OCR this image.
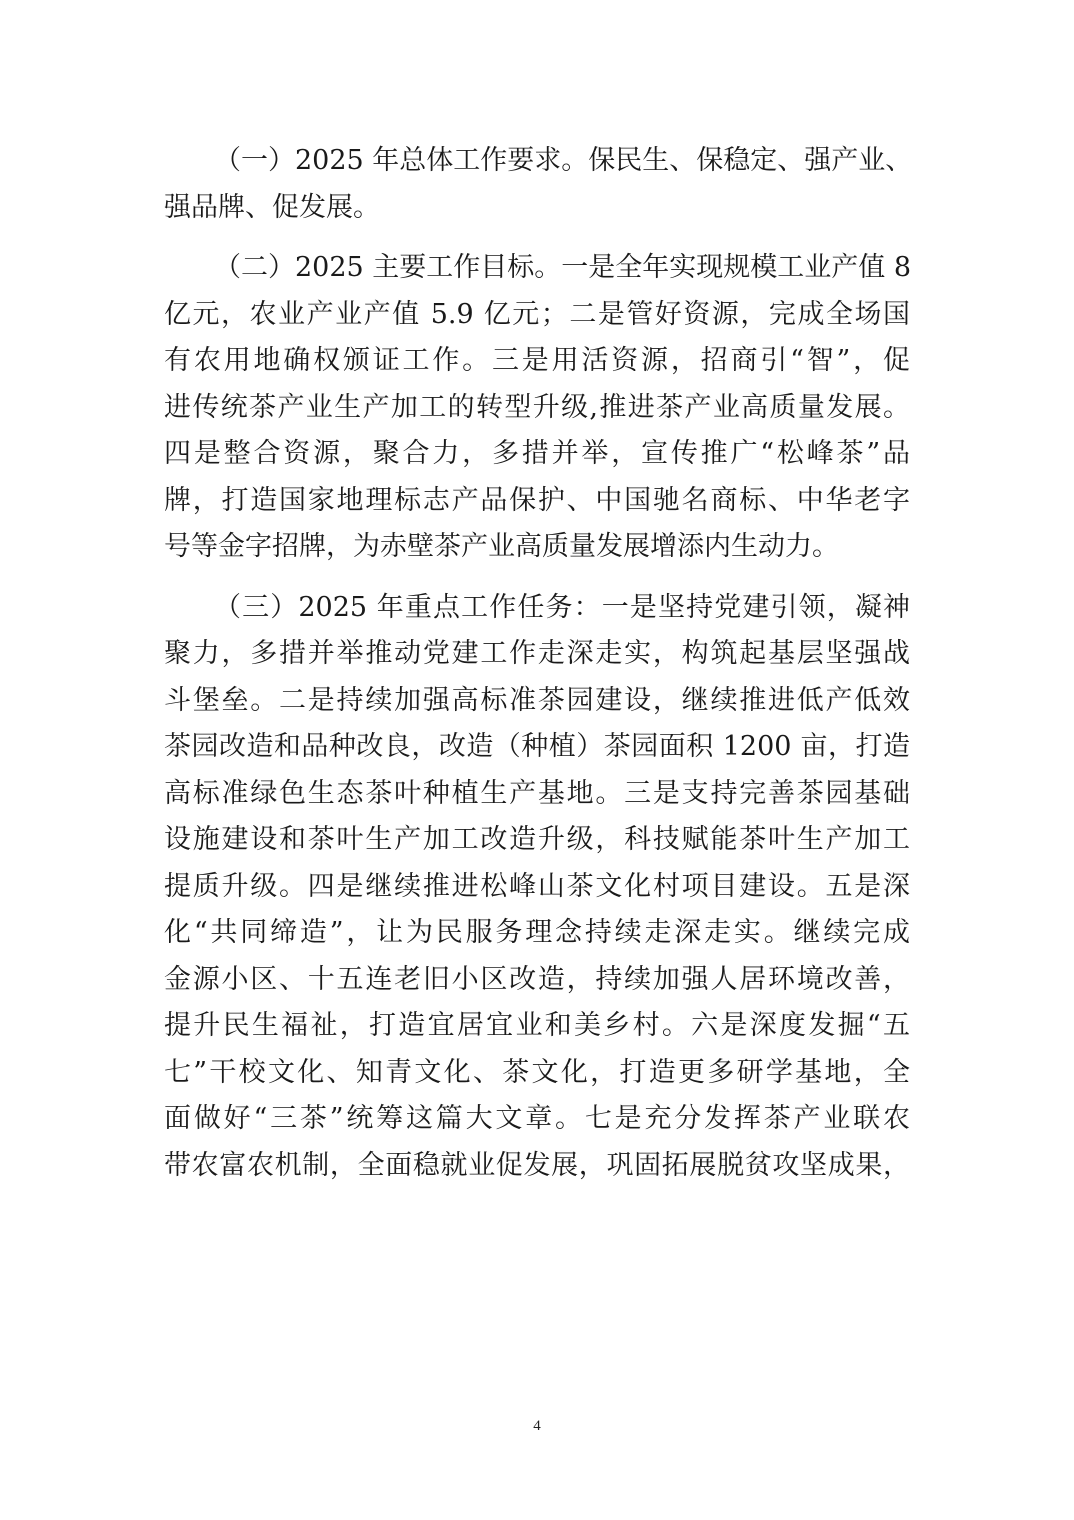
（一）2025 年总体工作要求。保民生、保稳定、强产业、
强品牌、促发展。
（二）2025 主要工作目标。一是全年实现规模工业产值 8
亿元，农业产业产值 5.9 亿元；二是管好资源，完成全场国
有农用地确权颁证工作。三是用活资源，招商引“智”，促
进传统茶产业生产加工的转型升级,推进茶产业高质量发展。
四是整合资源，聚合力，多措并举，宣传推广“松峰茶”品
牌，打造国家地理标志产品保护、中国驰名商标、中华老字
号等金字招牌，为赤壁茶产业高质量发展增添内生动力。
（三）2025 年重点工作任务：一是坚持党建引领，凝神
聚力，多措并举推动党建工作走深走实，构筑起基层坚强战
斗堡垒。二是持续加强高标准茶园建设，继续推进低产低效
茶园改造和品种改良，改造（种植）茶园面积 1200 亩，打造
高标准绿色生态茶叶种植生产基地。三是支持完善茶园基础
设施建设和茶叶生产加工改造升级，科技赋能茶叶生产加工
提质升级。四是继续推进松峰山茶文化村项目建设。五是深
化“共同缔造”，让为民服务理念持续走深走实。继续完成
金源小区、十五连老旧小区改造，持续加强人居环境改善，
提升民生福祉，打造宜居宜业和美乡村。六是深度发掘“五
七”干校文化、知青文化、茶文化，打造更多研学基地，全
面做好“三茶”统筹这篇大文章。七是充分发挥茶产业联农
带农富农机制，全面稳就业促发展，巩固拓展脱贫攻坚成果，
4
